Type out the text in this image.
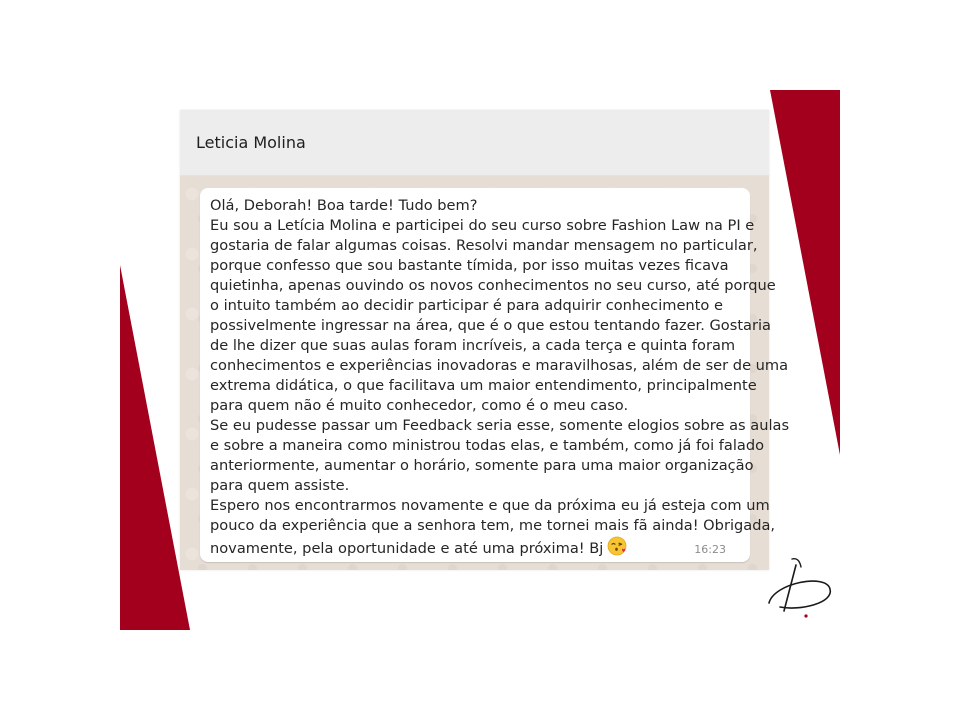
Leticia Molina
Olá, Deborah! Boa tarde! Tudo bem?
Eu sou a Letícia Molina e participei do seu curso sobre Fashion Law na PI e
gostaria de falar algumas coisas. Resolvi mandar mensagem no particular,
porque confesso que sou bastante tímida, por isso muitas vezes ficava
quietinha, apenas ouvindo os novos conhecimentos no seu curso, até porque
o intuito também ao decidir participar é para adquirir conhecimento e
possivelmente ingressar na área, que é o que estou tentando fazer. Gostaria
de lhe dizer que suas aulas foram incríveis, a cada terça e quinta foram
conhecimentos e experiências inovadoras e maravilhosas, além de ser de uma
extrema didática, o que facilitava um maior entendimento, principalmente
para quem não é muito conhecedor, como é o meu caso.
Se eu pudesse passar um Feedback seria esse, somente elogios sobre as aulas
e sobre a maneira como ministrou todas elas, e também, como já foi falado
anteriormente, aumentar o horário, somente para uma maior organização
para quem assiste.
Espero nos encontrarmos novamente e que da próxima eu já esteja com um
pouco da experiência que a senhora tem, me tornei mais fã ainda! Obrigada,
novamente, pela oportunidade e até uma próxima! Bj	16:23
